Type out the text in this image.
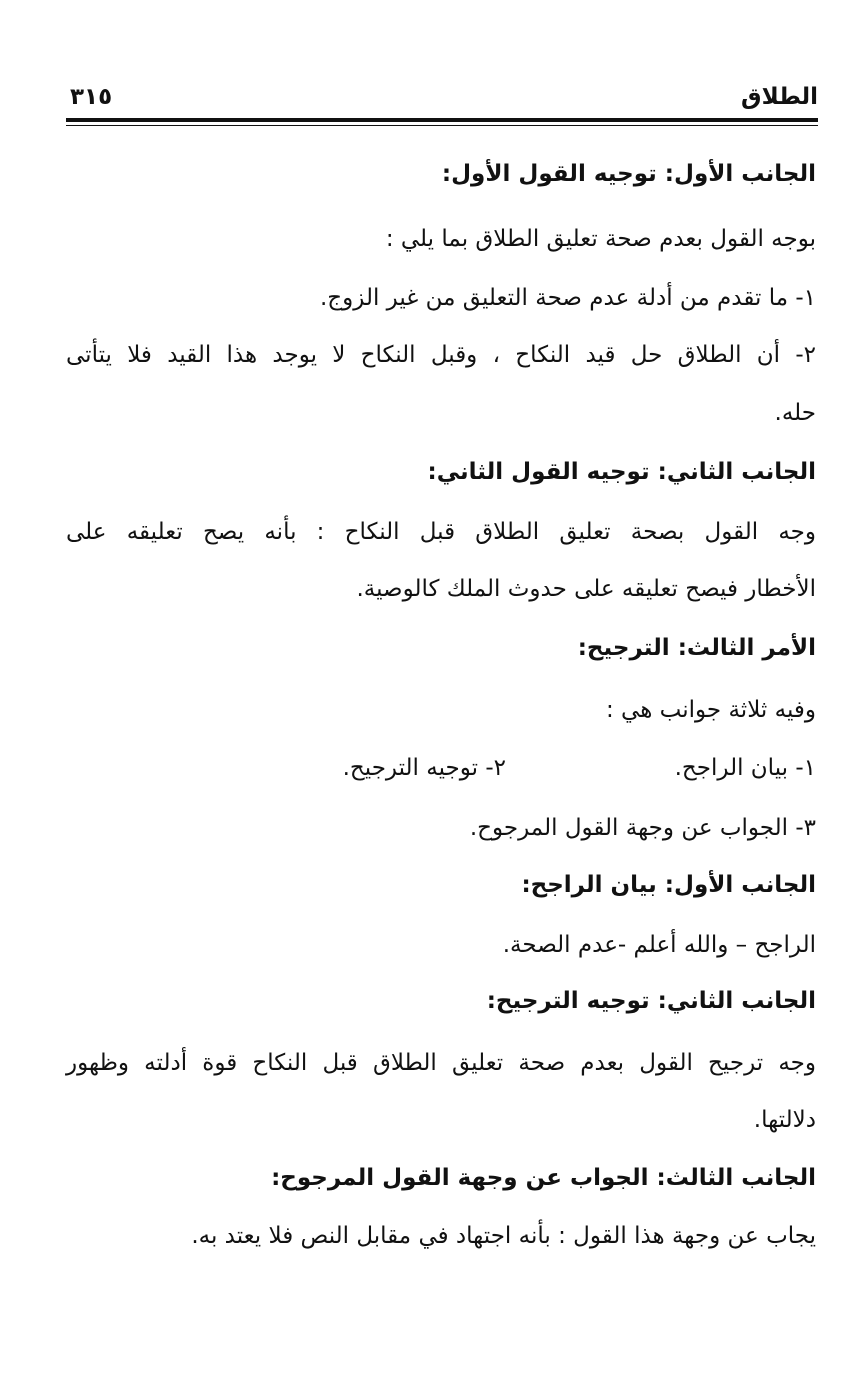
الطلاق
٣١٥
الجانب الأول: توجيه القول الأول:
بوجه القول بعدم صحة تعليق الطلاق بما يلي :
١- ما تقدم من أدلة عدم صحة التعليق من غير الزوج.
٢- أن الطلاق حل قيد النكاح ، وقبل النكاح لا يوجد هذا القيد فلا يتأتى
حله.
الجانب الثاني: توجيه القول الثاني:
وجه القول بصحة تعليق الطلاق قبل النكاح : بأنه يصح تعليقه على
الأخطار فيصح تعليقه على حدوث الملك كالوصية.
الأمر الثالث: الترجيح:
وفيه ثلاثة جوانب هي :
١- بيان الراجح.
٢- توجيه الترجيح.
٣- الجواب عن وجهة القول المرجوح.
الجانب الأول: بيان الراجح:
الراجح – والله أعلم -عدم الصحة.
الجانب الثاني: توجيه الترجيح:
وجه ترجيح القول بعدم صحة تعليق الطلاق قبل النكاح قوة أدلته وظهور
دلالتها.
الجانب الثالث: الجواب عن وجهة القول المرجوح:
يجاب عن وجهة هذا القول : بأنه اجتهاد في مقابل النص فلا يعتد به.
